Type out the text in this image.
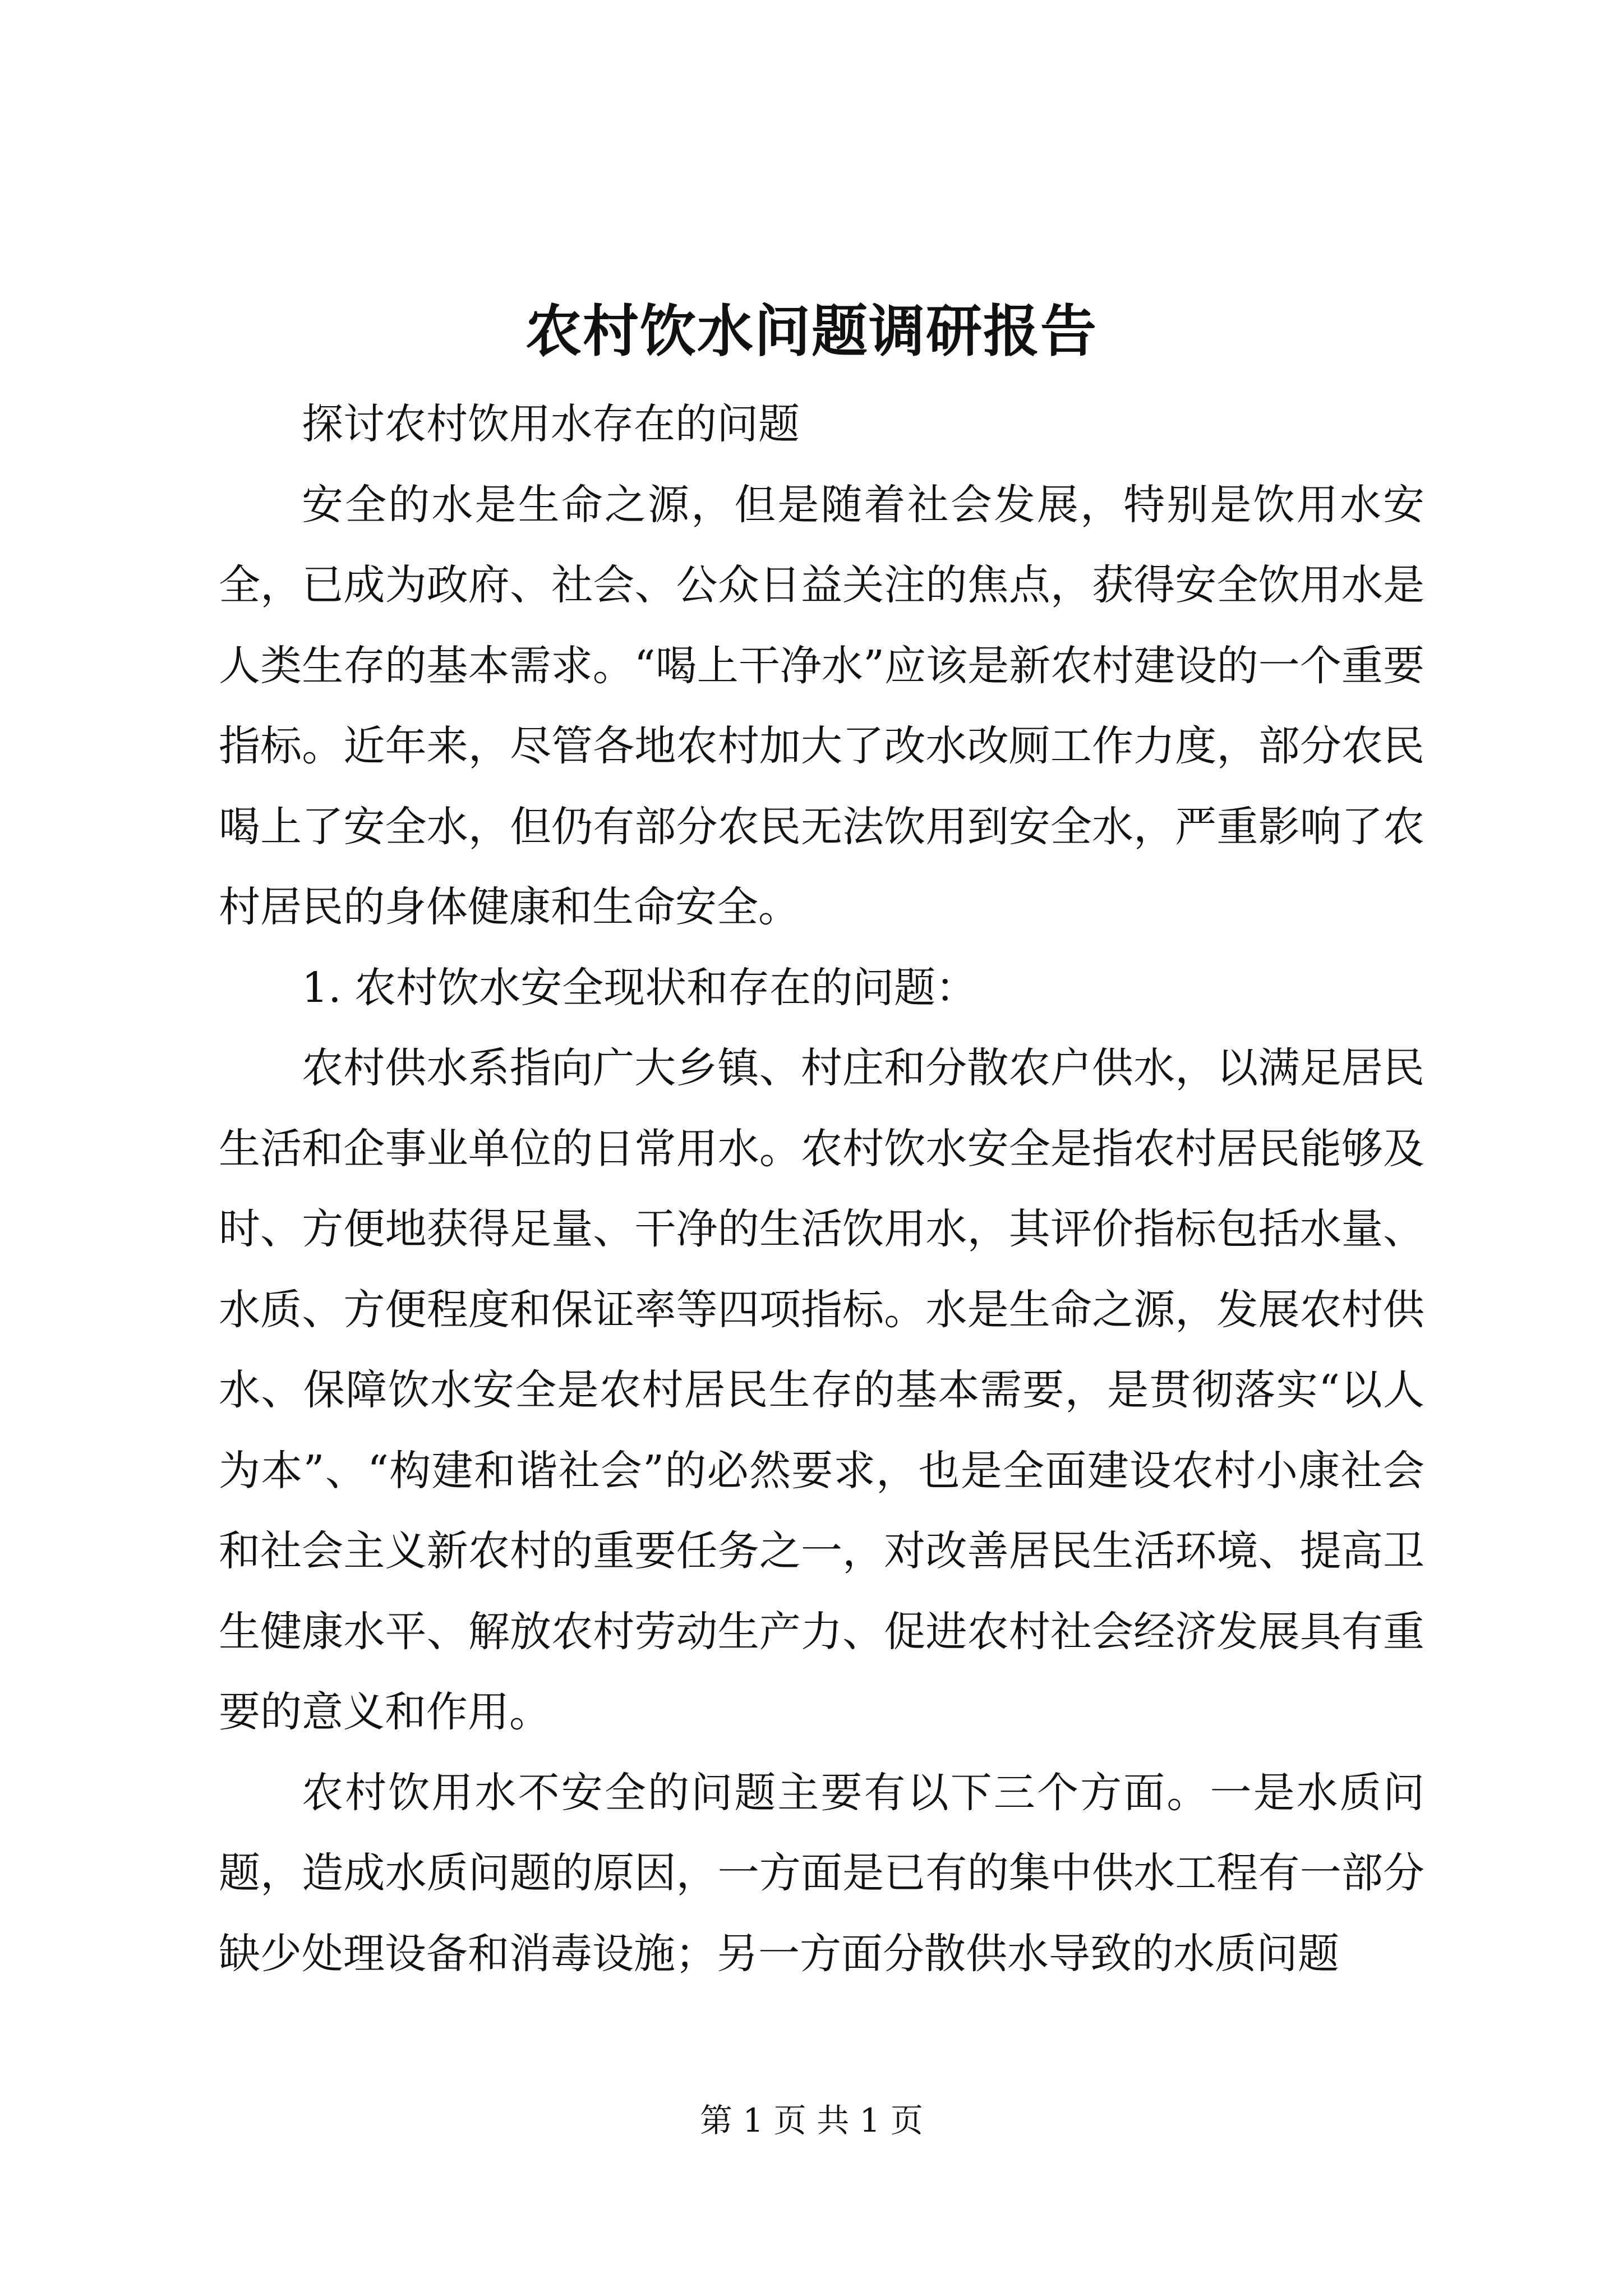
农村饮水问题调研报告

探讨农村饮用水存在的问题

安全的水是生命之源，但是随着社会发展，特别是饮用水安全，已成为政府、社会、公众日益关注的焦点，获得安全饮用水是人类生存的基本需求。“喝上干净水”应该是新农村建设的一个重要指标。近年来，尽管各地农村加大了改水改厕工作力度，部分农民喝上了安全水，但仍有部分农民无法饮用到安全水，严重影响了农村居民的身体健康和生命安全。

1. 农村饮水安全现状和存在的问题：

农村供水系指向广大乡镇、村庄和分散农户供水，以满足居民生活和企事业单位的日常用水。农村饮水安全是指农村居民能够及时、方便地获得足量、干净的生活饮用水，其评价指标包括水量、水质、方便程度和保证率等四项指标。水是生命之源，发展农村供水、保障饮水安全是农村居民生存的基本需要，是贯彻落实“以人为本”、“构建和谐社会”的必然要求，也是全面建设农村小康社会和社会主义新农村的重要任务之一，对改善居民生活环境、提高卫生健康水平、解放农村劳动生产力、促进农村社会经济发展具有重要的意义和作用。

农村饮用水不安全的问题主要有以下三个方面。一是水质问题，造成水质问题的原因，一方面是已有的集中供水工程有一部分缺少处理设备和消毒设施；另一方面分散供水导致的水质问题

第 1 页 共 1 页
